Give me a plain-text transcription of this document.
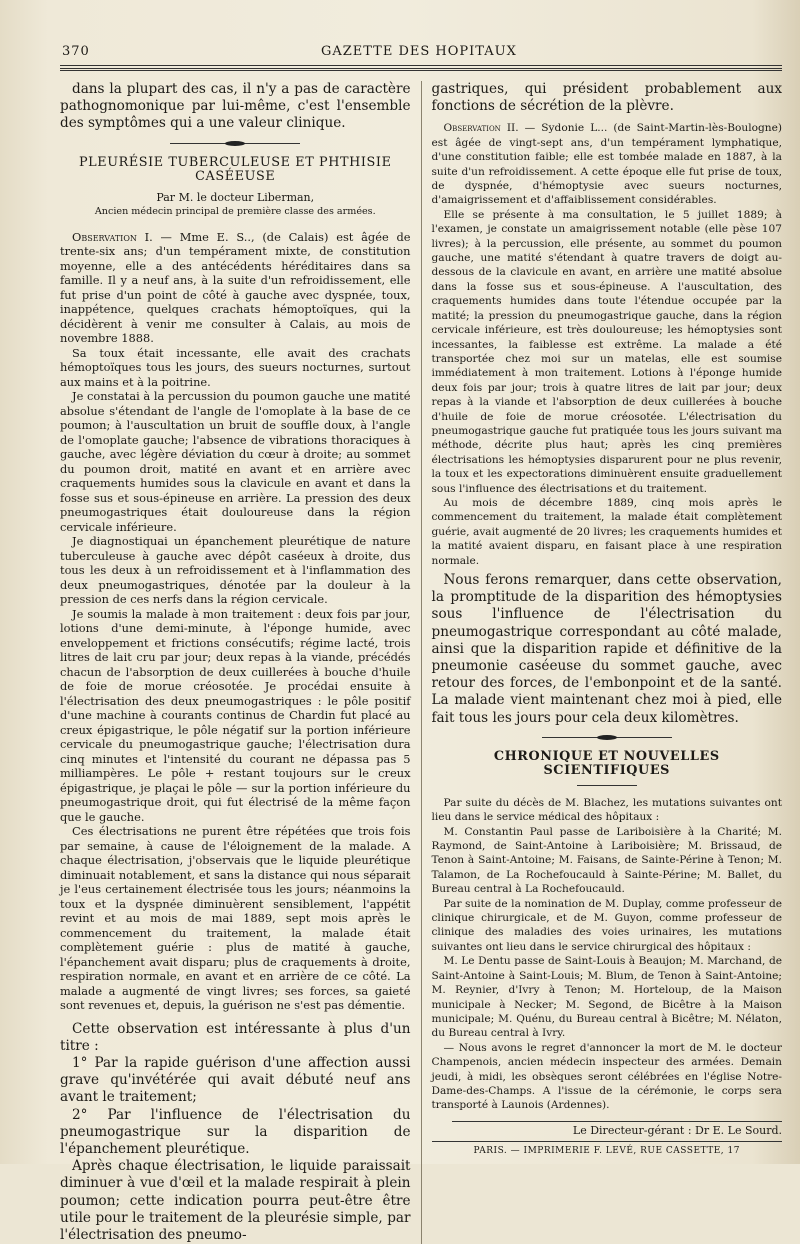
370	GAZETTE DES HOPITAUX

dans la plupart des cas, il n'y a pas de caractère pathognomonique par lui-même, c'est l'ensemble des symptômes qui a une valeur clinique.

PLEURÉSIE TUBERCULEUSE ET PHTHISIE CASÉEUSE
Par M. le docteur Liberman,
Ancien médecin principal de première classe des armées.

Observation I. — Mme E. S.., (de Calais) est âgée de trente-six ans; d'un tempérament mixte, de constitution moyenne, elle a des antécédents héréditaires dans sa famille. Il y a neuf ans, à la suite d'un refroidissement, elle fut prise d'un point de côté à gauche avec dyspnée, toux, inappétence, quelques crachats hémoptoïques, qui la décidèrent à venir me consulter à Calais, au mois de novembre 1888.

Sa toux était incessante, elle avait des crachats hémoptoïques tous les jours, des sueurs nocturnes, surtout aux mains et à la poitrine.

Je constatai à la percussion du poumon gauche une matité absolue s'étendant de l'angle de l'omoplate à la base de ce poumon; à l'auscultation un bruit de souffle doux, à l'angle de l'omoplate gauche; l'absence de vibrations thoraciques à gauche, avec légère déviation du cœur à droite; au sommet du poumon droit, matité en avant et en arrière avec craquements humides sous la clavicule en avant et dans la fosse sus et sous-épineuse en arrière. La pression des deux pneumogastriques était douloureuse dans la région cervicale inférieure.

Je diagnostiquai un épanchement pleurétique de nature tuberculeuse à gauche avec dépôt caséeux à droite, dus tous les deux à un refroidissement et à l'inflammation des deux pneumogastriques, dénotée par la douleur à la pression de ces nerfs dans la région cervicale.

Je soumis la malade à mon traitement : deux fois par jour, lotions d'une demi-minute, à l'éponge humide, avec enveloppement et frictions consécutifs; régime lacté, trois litres de lait cru par jour; deux repas à la viande, précédés chacun de l'absorption de deux cuillerées à bouche d'huile de foie de morue créosotée. Je procédai ensuite à l'électrisation des deux pneumogastriques : le pôle positif d'une machine à courants continus de Chardin fut placé au creux épigastrique, le pôle négatif sur la portion inférieure cervicale du pneumogastrique gauche; l'électrisation dura cinq minutes et l'intensité du courant ne dépassa pas 5 milliampères. Le pôle + restant toujours sur le creux épigastrique, je plaçai le pôle — sur la portion inférieure du pneumogastrique droit, qui fut électrisé de la même façon que le gauche.

Ces électrisations ne purent être répétées que trois fois par semaine, à cause de l'éloignement de la malade. A chaque électrisation, j'observais que le liquide pleurétique diminuait notablement, et sans la distance qui nous séparait je l'eus certainement électrisée tous les jours; néanmoins la toux et la dyspnée diminuèrent sensiblement, l'appétit revint et au mois de mai 1889, sept mois après le commencement du traitement, la malade était complètement guérie : plus de matité à gauche, l'épanchement avait disparu; plus de craquements à droite, respiration normale, en avant et en arrière de ce côté. La malade a augmenté de vingt livres; ses forces, sa gaieté sont revenues et, depuis, la guérison ne s'est pas démentie.

Cette observation est intéressante à plus d'un titre :

1° Par la rapide guérison d'une affection aussi grave qu'invétérée qui avait débuté neuf ans avant le traitement;

2° Par l'influence de l'électrisation du pneumogastrique sur la disparition de l'épanchement pleurétique.

Après chaque électrisation, le liquide paraissait diminuer à vue d'œil et la malade respirait à plein poumon; cette indication pourra peut-être être utile pour le traitement de la pleurésie simple, par l'électrisation des pneumo-

gastriques, qui président probablement aux fonctions de sécrétion de la plèvre.

Observation II. — Sydonie L... (de Saint-Martin-lès-Boulogne) est âgée de vingt-sept ans, d'un tempérament lymphatique, d'une constitution faible; elle est tombée malade en 1887, à la suite d'un refroidissement. A cette époque elle fut prise de toux, de dyspnée, d'hémoptysie avec sueurs nocturnes, d'amaigrissement et d'affaiblissement considérables.

Elle se présente à ma consultation, le 5 juillet 1889; à l'examen, je constate un amaigrissement notable (elle pèse 107 livres); à la percussion, elle présente, au sommet du poumon gauche, une matité s'étendant à quatre travers de doigt au-dessous de la clavicule en avant, en arrière une matité absolue dans la fosse sus et sous-épineuse. A l'auscultation, des craquements humides dans toute l'étendue occupée par la matité; la pression du pneumogastrique gauche, dans la région cervicale inférieure, est très douloureuse; les hémoptysies sont incessantes, la faiblesse est extrême. La malade a été transportée chez moi sur un matelas, elle est soumise immédiatement à mon traitement. Lotions à l'éponge humide deux fois par jour; trois à quatre litres de lait par jour; deux repas à la viande et l'absorption de deux cuillerées à bouche d'huile de foie de morue créosotée. L'électrisation du pneumogastrique gauche fut pratiquée tous les jours suivant ma méthode, décrite plus haut; après les cinq premières électrisations les hémoptysies disparurent pour ne plus revenir, la toux et les expectorations diminuèrent ensuite graduellement sous l'influence des électrisations et du traitement.

Au mois de décembre 1889, cinq mois après le commencement du traitement, la malade était complètement guérie, avait augmenté de 20 livres; les craquements humides et la matité avaient disparu, en faisant place à une respiration normale.

Nous ferons remarquer, dans cette observation, la promptitude de la disparition des hémoptysies sous l'influence de l'électrisation du pneumogastrique correspondant au côté malade, ainsi que la disparition rapide et définitive de la pneumonie caséeuse du sommet gauche, avec retour des forces, de l'embonpoint et de la santé. La malade vient maintenant chez moi à pied, elle fait tous les jours pour cela deux kilomètres.

CHRONIQUE ET NOUVELLES SCIENTIFIQUES

Par suite du décès de M. Blachez, les mutations suivantes ont lieu dans le service médical des hôpitaux :

M. Constantin Paul passe de Lariboisière à la Charité; M. Raymond, de Saint-Antoine à Lariboisière; M. Brissaud, de Tenon à Saint-Antoine; M. Faisans, de Sainte-Périne à Tenon; M. Talamon, de La Rochefoucauld à Sainte-Périne; M. Ballet, du Bureau central à La Rochefoucauld.

Par suite de la nomination de M. Duplay, comme professeur de clinique chirurgicale, et de M. Guyon, comme professeur de clinique des maladies des voies urinaires, les mutations suivantes ont lieu dans le service chirurgical des hôpitaux :

M. Le Dentu passe de Saint-Louis à Beaujon; M. Marchand, de Saint-Antoine à Saint-Louis; M. Blum, de Tenon à Saint-Antoine; M. Reynier, d'Ivry à Tenon; M. Horteloup, de la Maison municipale à Necker; M. Segond, de Bicêtre à la Maison municipale; M. Quénu, du Bureau central à Bicêtre; M. Nélaton, du Bureau central à Ivry.

— Nous avons le regret d'annoncer la mort de M. le docteur Champenois, ancien médecin inspecteur des armées. Demain jeudi, à midi, les obsèques seront célébrées en l'église Notre-Dame-des-Champs. A l'issue de la cérémonie, le corps sera transporté à Launois (Ardennes).

Le Directeur-gérant : Dr E. Le Sourd.
PARIS. — IMPRIMERIE F. LEVÉ, RUE CASSETTE, 17
